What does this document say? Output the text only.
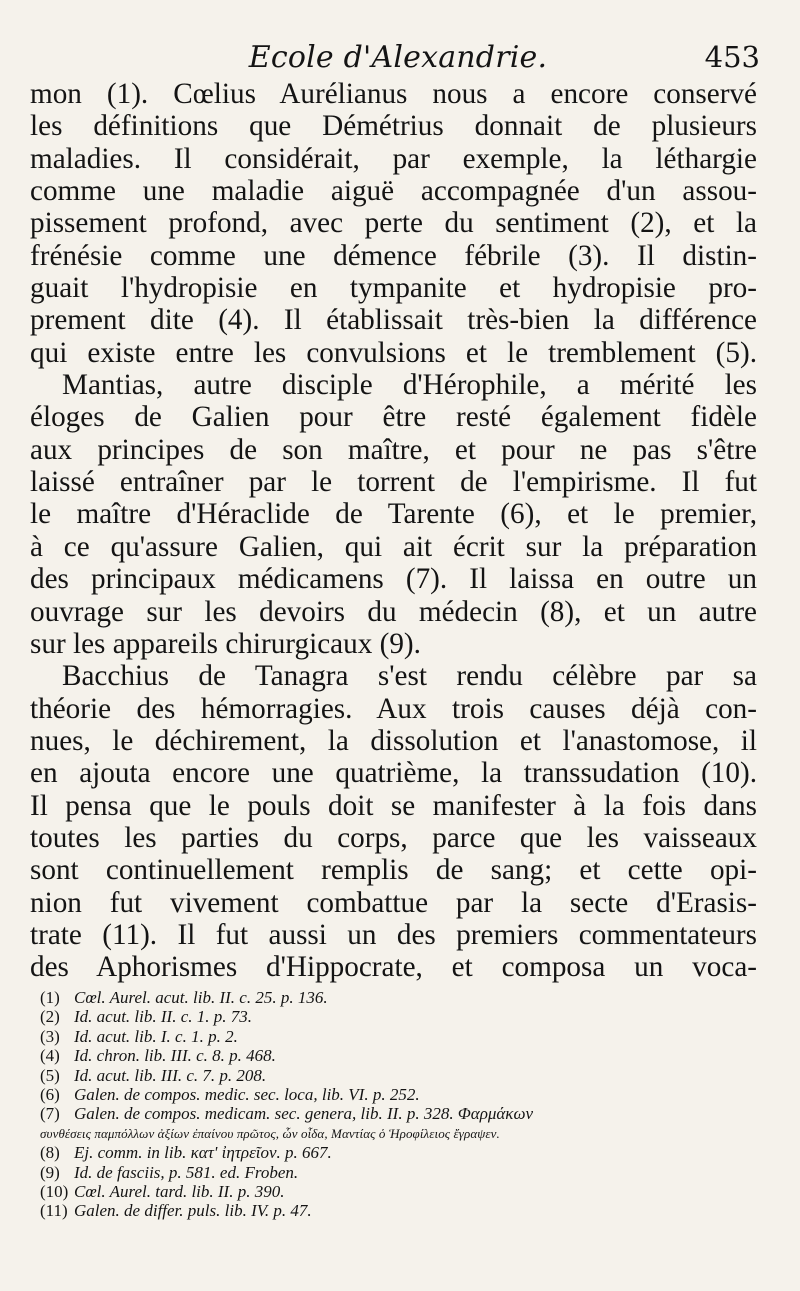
Ecole d'Alexandrie.	453
mon (1). Cœlius Aurélianus nous a encore conservé
les définitions que Démétrius donnait de plusieurs
maladies. Il considérait, par exemple, la léthargie
comme une maladie aiguë accompagnée d'un assou-
pissement profond, avec perte du sentiment (2), et la
frénésie comme une démence fébrile (3). Il distin-
guait l'hydropisie en tympanite et hydropisie pro-
prement dite (4). Il établissait très-bien la différence
qui existe entre les convulsions et le tremblement (5).
Mantias, autre disciple d'Hérophile, a mérité les
éloges de Galien pour être resté également fidèle
aux principes de son maître, et pour ne pas s'être
laissé entraîner par le torrent de l'empirisme. Il fut
le maître d'Héraclide de Tarente (6), et le premier,
à ce qu'assure Galien, qui ait écrit sur la préparation
des principaux médicamens (7). Il laissa en outre un
ouvrage sur les devoirs du médecin (8), et un autre
sur les appareils chirurgicaux (9).
Bacchius de Tanagra s'est rendu célèbre par sa
théorie des hémorragies. Aux trois causes déjà con-
nues, le déchirement, la dissolution et l'anastomose, il
en ajouta encore une quatrième, la transsudation (10).
Il pensa que le pouls doit se manifester à la fois dans
toutes les parties du corps, parce que les vaisseaux
sont continuellement remplis de sang; et cette opi-
nion fut vivement combattue par la secte d'Erasis-
trate (11). Il fut aussi un des premiers commentateurs
des Aphorismes d'Hippocrate, et composa un voca-
(1) Cœl. Aurel. acut. lib. II. c. 25. p. 136.
(2) Id. acut. lib. II. c. 1. p. 73.
(3) Id. acut. lib. I. c. 1. p. 2.
(4) Id. chron. lib. III. c. 8. p. 468.
(5) Id. acut. lib. III. c. 7. p. 208.
(6) Galen. de compos. medic. sec. loca, lib. VI. p. 252.
(7) Galen. de compos. medicam. sec. genera, lib. II. p. 328. Φαρμάκων
συνθέσεις παμπόλλων ἀξίων ἐπαίνου πρῶτος, ὧν οἶδα, Μαντίας ὁ Ἡροφίλειος ἔγραψεν.
(8) Ej. comm. in lib. κατ' ἰητρεῖον. p. 667.
(9) Id. de fasciis, p. 581. ed. Froben.
(10) Cœl. Aurel. tard. lib. II. p. 390.
(11) Galen. de differ. puls. lib. IV. p. 47.
